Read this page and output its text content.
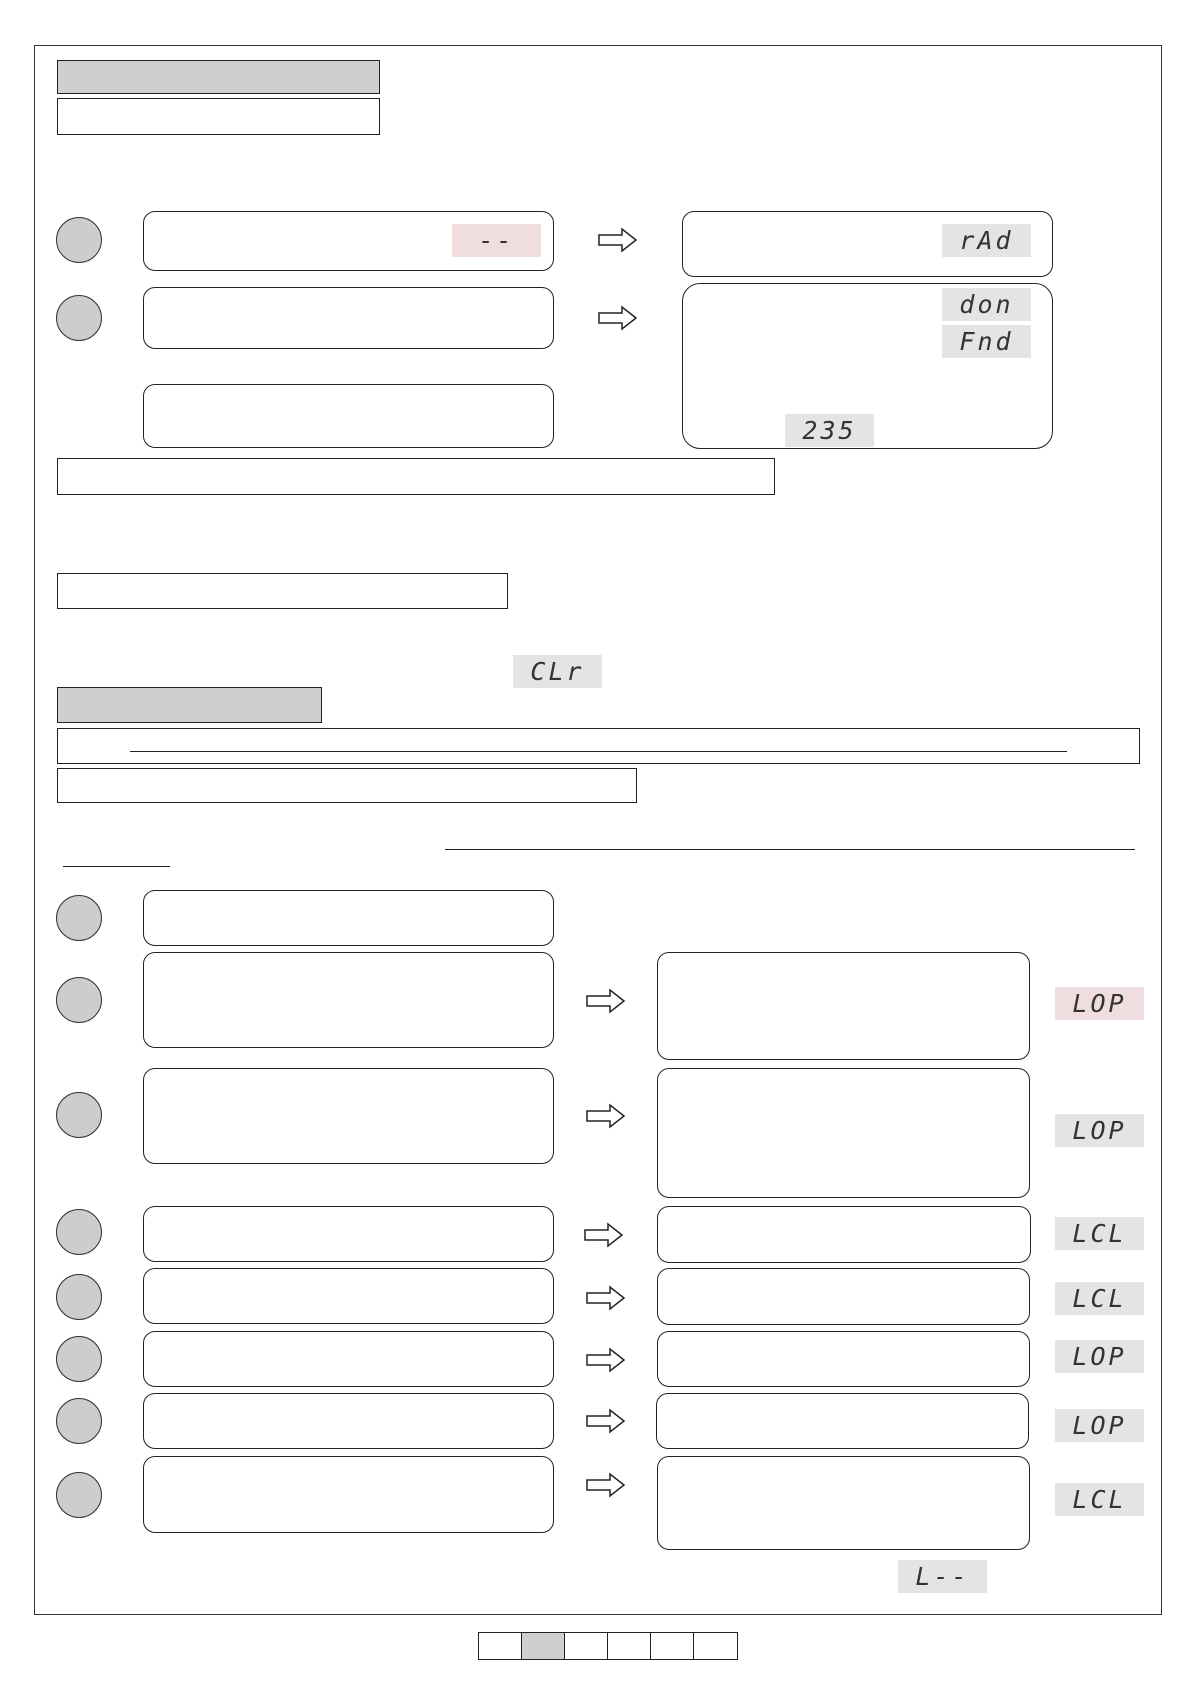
--	rAd
don
Fnd
235
CLr
LOP
LOP
LCL
LCL
LOP
LOP
LCL
L--
